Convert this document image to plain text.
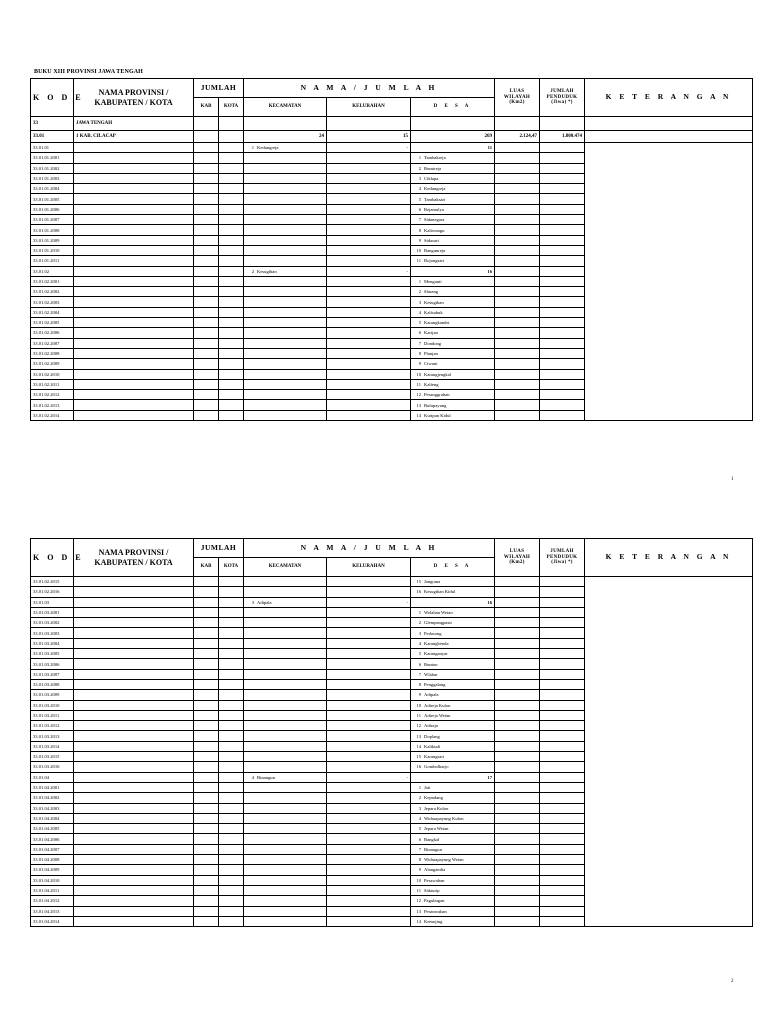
BUKU XIII PROVINSI JAWA TENGAH
1
2
K O D E	NAMA PROVINSI / KABUPATEN / KOTA	JUMLAH		N A M A / J U M L A H			LUAS WILAYAH (Km2)	JUMLAH PENDUDUK (Jiwa) *)	K E T E R A N G A N
		KAB	KOTA	KECAMATAN	KELURAHAN	D E S A			
33	JAWA TENGAH								
33.01	1 KAB. CILACAP			24	15	269	2.124,47	1.800.474	
33.01.01				1 Kedungreja	-	11			
33.01.01.2001						1 Tambakreja			
33.01.01.2002						2 Bumireja			
33.01.01.2003						3 Ciklapa			
33.01.01.2004						4 Kedungreja			
33.01.01.2005						5 Tambaksari			
33.01.01.2006						6 Rejamulya			
33.01.01.2007						7 Sidanegara			
33.01.01.2008						8 Kaliwungu			
33.01.01.2009						9 Sidasari			
33.01.01.2010						10 Bangunreja			
33.01.01.2011						11 Bojongsari			
33.01.02				2 Kesugihan	-	16			
33.01.02.2001						1 Menganti			
33.01.02.2002						2 Slarang			
33.01.02.2003						3 Kesugihan			
33.01.02.2004						4 Kalisabuk			
33.01.02.2005						5 Karangkandri			
33.01.02.2006						6 Karijan			
33.01.02.2007						7 Dondong			
33.01.02.2008						8 Planjan			
33.01.02.2009						9 Ciwuni			
33.01.02.2010						10 Karangjengkol			
33.01.02.2011						11 Kalieng			
33.01.02.2012						12 Pesanggrahan			
33.01.02.2013						13 Bulupayung			
33.01.02.2014						14 Kuripan Kidul			
K O D E	NAMA PROVINSI / KABUPATEN / KOTA	JUMLAH		N A M A / J U M L A H			LUAS WILAYAH (Km2)	JUMLAH PENDUDUK (Jiwa) *)	K E T E R A N G A N
		KAB	KOTA	KECAMATAN	KELURAHAN	D E S A			
33.01.02.2015						15 Jangrana			
33.01.02.2016						16 Kesugihan Kidul			
33.01.03				3 Adipala	-	16			
33.01.03.2001						1 Welahan Wetan			
33.01.03.2002						2 Glempangpasir			
33.01.03.2003						3 Pedasong			
33.01.03.2004						4 Karangbenda			
33.01.03.2005						5 Karanganyar			
33.01.03.2006						6 Bunton			
33.01.03.2007						7 Wlahar			
33.01.03.2008						8 Penggalang			
33.01.03.2009						9 Adipala			
33.01.03.2010						10 Adireja Kulon			
33.01.03.2011						11 Adireja Wetan			
33.01.03.2012						12 Adiraja			
33.01.03.2013						13 Doplang			
33.01.03.2014						14 Kalikudi			
33.01.03.2015						15 Karangsari			
33.01.03.2016						16 Gombolharjo			
33.01.04				4 Binangun	-	17			
33.01.04.2001						1 Jati			
33.01.04.2002						2 Kepudang			
33.01.04.2003						3 Jepara Kulon			
33.01.04.2004						4 Widarapayung Kulon			
33.01.04.2005						5 Jepara Wetan			
33.01.04.2006						6 Bangkal			
33.01.04.2007						7 Binangun			
33.01.04.2008						8 Widarapayung Wetan			
33.01.04.2009						9 Alangamba			
33.01.04.2010						10 Pesawahan			
33.01.04.2011						11 Sidaurip			
33.01.04.2012						12 Pagubugan			
33.01.04.2013						13 Pesanwahan			
33.01.04.2014						14 Kemojing			
